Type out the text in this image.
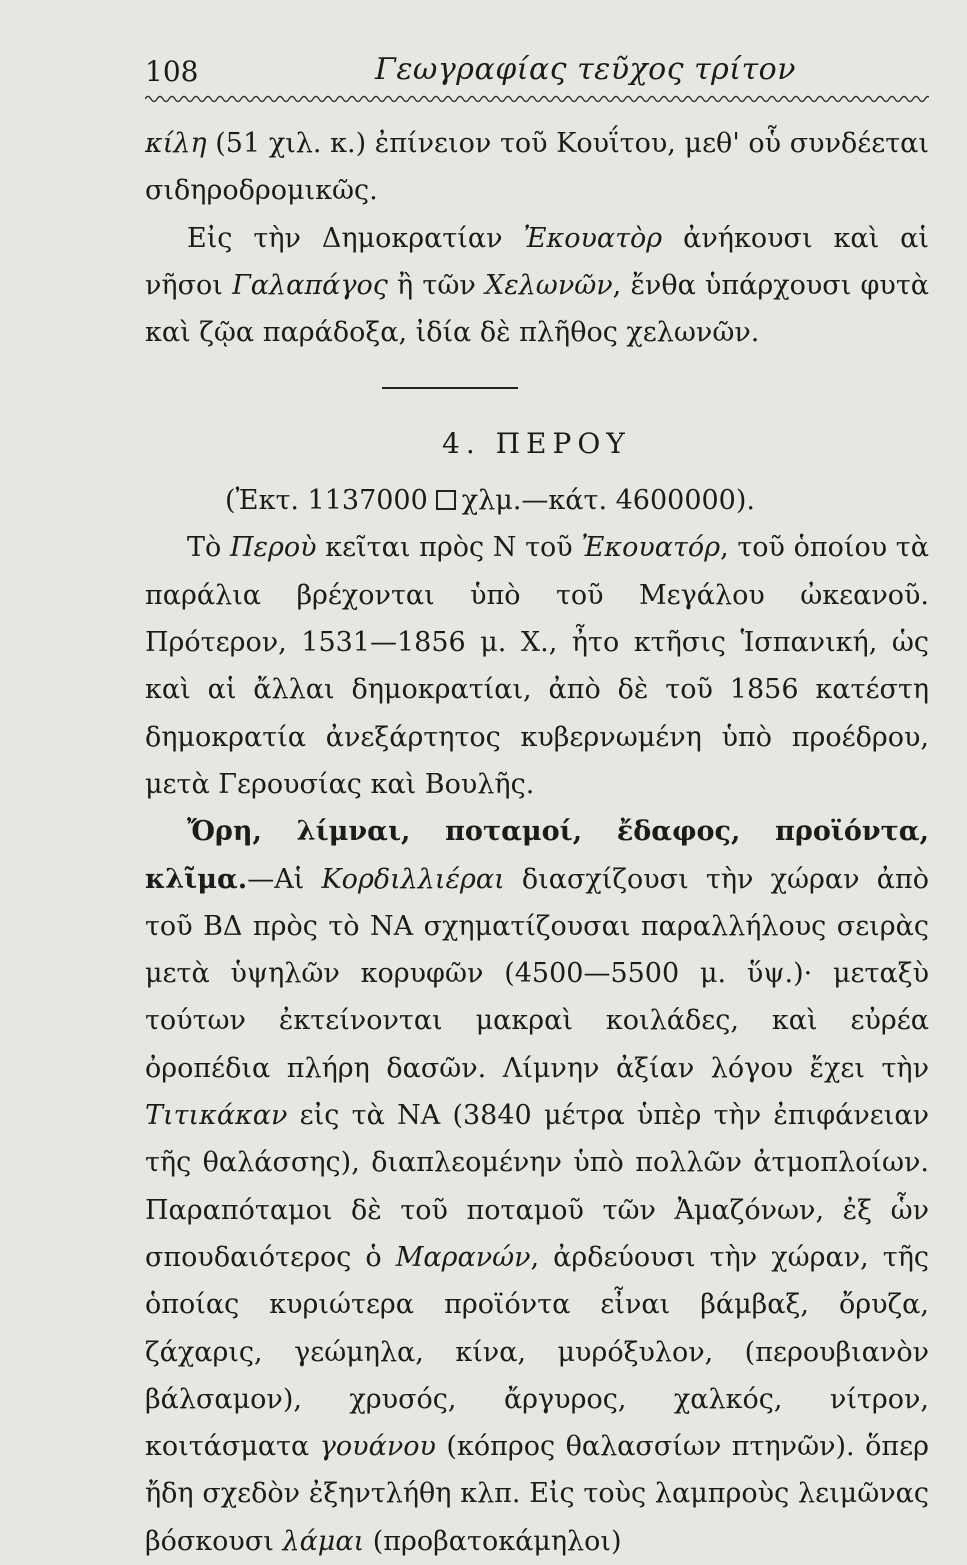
108	Γεωγραφίας τεῦχος τρίτον

κίλη (51 χιλ. κ.) ἐπίνειον τοῦ Κουΐτου, μεθ' οὗ συνδέεται σιδηροδρομικῶς.

Εἰς τὴν Δημοκρατίαν Ἐκουατὸρ ἀνήκουσι καὶ αἱ νῆσοι Γαλαπάγος ἢ τῶν Χελωνῶν, ἔνθα ὑπάρχουσι φυτὰ καὶ ζῷα παράδοξα, ἰδία δὲ πλῆθος χελωνῶν.

4. ΠΕΡΟΥ
(Ἐκτ. 1137000 χλμ.—κάτ. 4600000).

Τὸ Περοὺ κεῖται πρὸς Ν τοῦ Ἐκουατόρ, τοῦ ὁποίου τὰ παράλια βρέχονται ὑπὸ τοῦ Μεγάλου ὠκεανοῦ. Πρότερον, 1531—1856 μ. Χ., ἦτο κτῆσις Ἱσπανική, ὡς καὶ αἱ ἄλλαι δημοκρατίαι, ἀπὸ δὲ τοῦ 1856 κατέστη δημοκρατία ἀνεξάρτητος κυβερνωμένη ὑπὸ προέδρου, μετὰ Γερουσίας καὶ Βουλῆς.

Ὄρη, λίμναι, ποταμοί, ἔδαφος, προϊόντα, κλῖμα.—Αἱ Κορδιλλιέραι διασχίζουσι τὴν χώραν ἀπὸ τοῦ ΒΔ πρὸς τὸ ΝΑ σχηματίζουσαι παραλλήλους σειρὰς μετὰ ὑψηλῶν κορυφῶν (4500—5500 μ. ὕψ.)· μεταξὺ τούτων ἐκτείνονται μακραὶ κοιλάδες, καὶ εὐρέα ὀροπέδια πλήρη δασῶν. Λίμνην ἀξίαν λόγου ἔχει τὴν Τιτικάκαν εἰς τὰ ΝΑ (3840 μέτρα ὑπὲρ τὴν ἐπιφάνειαν τῆς θαλάσσης), διαπλεομένην ὑπὸ πολλῶν ἀτμοπλοίων. Παραπόταμοι δὲ τοῦ ποταμοῦ τῶν Ἀμαζόνων, ἐξ ὧν σπουδαιότερος ὁ Μαρανών, ἀρδεύουσι τὴν χώραν, τῆς ὁποίας κυριώτερα προϊόντα εἶναι βάμβαξ, ὄρυζα, ζάχαρις, γεώμηλα, κίνα, μυρόξυλον, (περουβιανὸν βάλσαμον), χρυσός, ἄργυρος, χαλκός, νίτρον, κοιτάσματα γουάνου (κόπρος θαλασσίων πτηνῶν). ὅπερ ἤδη σχεδὸν ἐξηντλήθη κλπ. Εἰς τοὺς λαμπροὺς λειμῶνας βόσκουσι λάμαι (προβατοκάμηλοι)
